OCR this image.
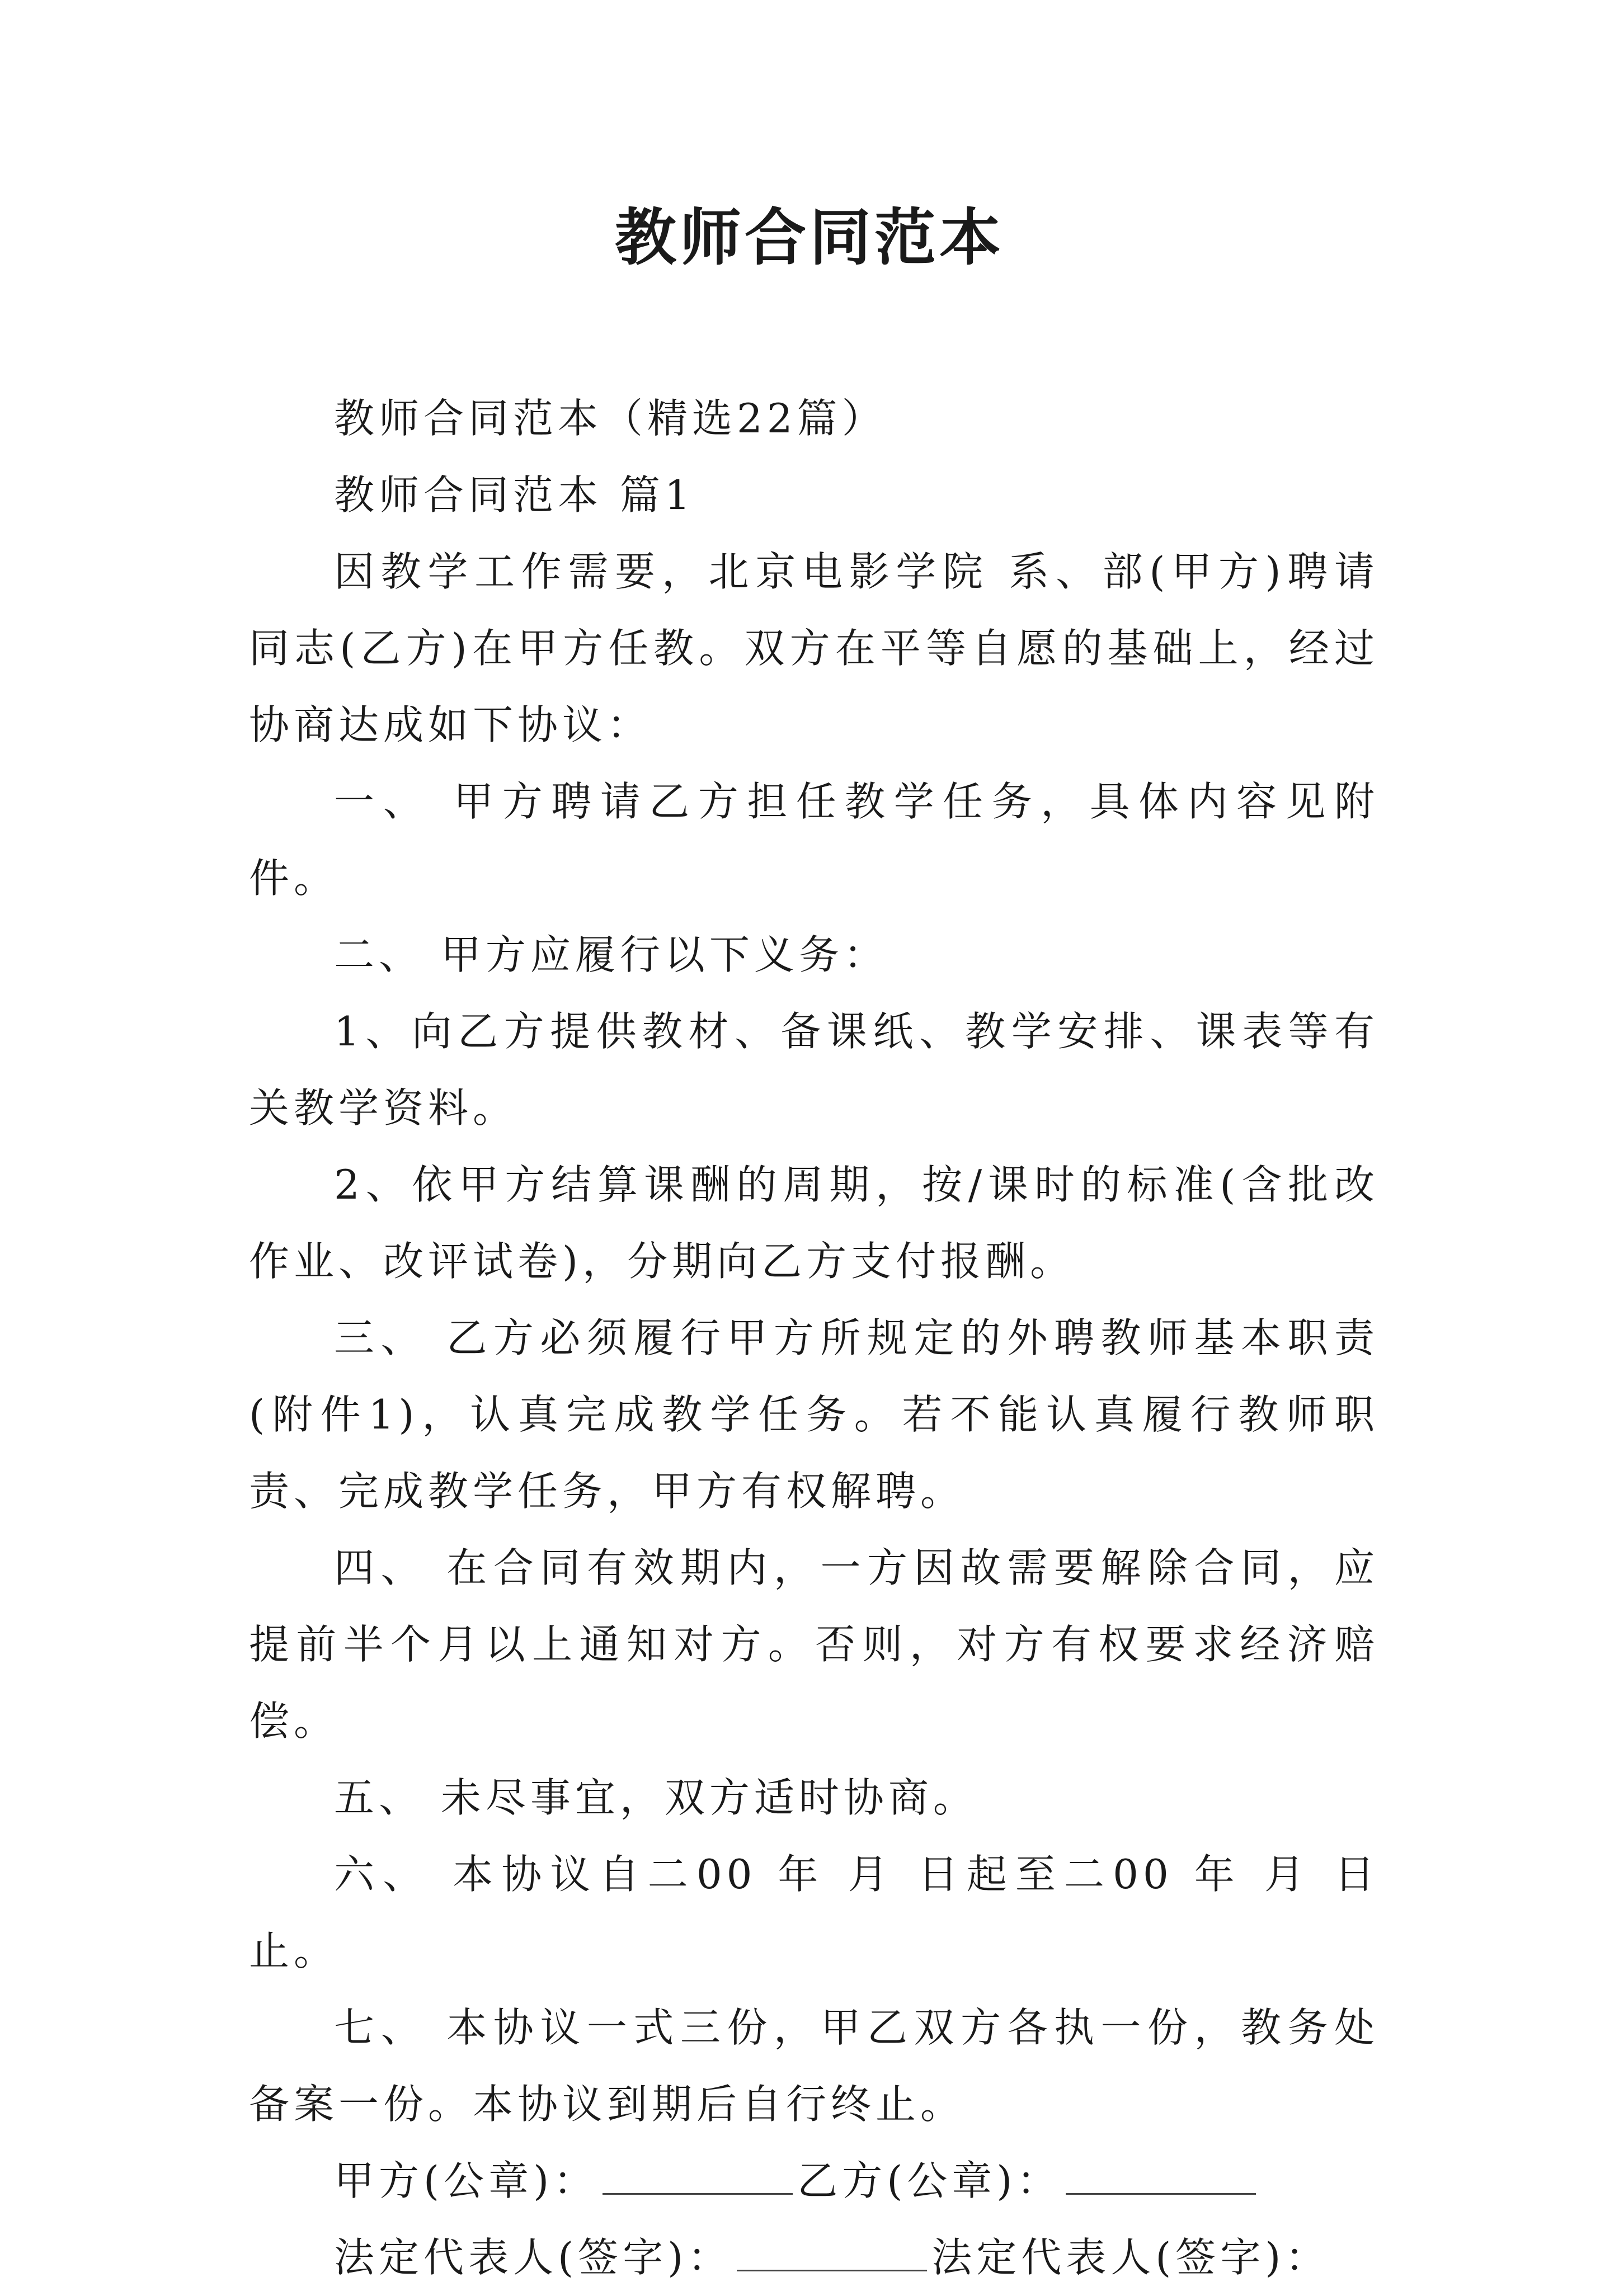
教师合同范本

教师合同范本（精选22篇）

教师合同范本 篇1

因教学工作需要，北京电影学院 系、部(甲方)聘请 同志(乙方)在甲方任教。双方在平等自愿的基础上，经过协商达成如下协议：

一、 甲方聘请乙方担任教学任务，具体内容见附件。

二、 甲方应履行以下义务：

1、向乙方提供教材、备课纸、教学安排、课表等有关教学资料。

2、依甲方结算课酬的周期，按/课时的标准(含批改作业、改评试卷)，分期向乙方支付报酬。

三、 乙方必须履行甲方所规定的外聘教师基本职责(附件1)，认真完成教学任务。若不能认真履行教师职责、完成教学任务，甲方有权解聘。

四、 在合同有效期内，一方因故需要解除合同，应提前半个月以上通知对方。否则，对方有权要求经济赔偿。

五、 未尽事宜，双方适时协商。

六、 本协议自二00 年 月 日起至二00 年 月 日止。

七、 本协议一式三份，甲乙双方各执一份，教务处备案一份。本协议到期后自行终止。

甲方(公章)：	乙方(公章)：

法定代表人(签字)：	法定代表人(签字)：
